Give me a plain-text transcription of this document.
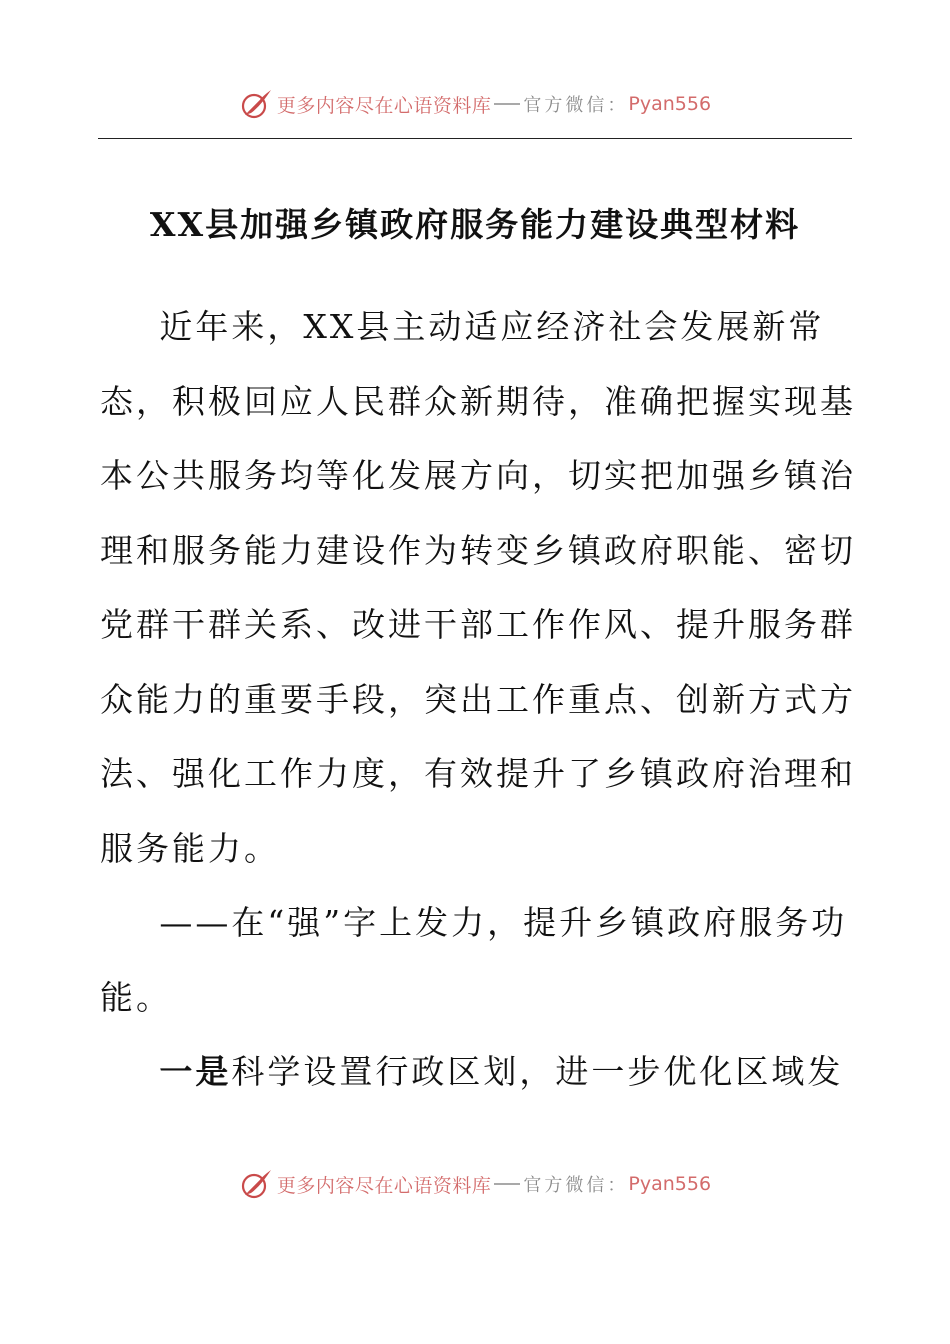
更多内容尽在心语资料库 官方微信： Pyan556
XX县加强乡镇政府服务能力建设典型材料

近年来，XX县主动适应经济社会发展新常态，积极回应人民群众新期待，准确把握实现基本公共服务均等化发展方向，切实把加强乡镇治理和服务能力建设作为转变乡镇政府职能、密切党群干群关系、改进干部工作作风、提升服务群众能力的重要手段，突出工作重点、创新方式方法、强化工作力度，有效提升了乡镇政府治理和服务能力。

——在“强”字上发力，提升乡镇政府服务功能。

一是科学设置行政区划，进一步优化区域发

更多内容尽在心语资料库 官方微信： Pyan556
